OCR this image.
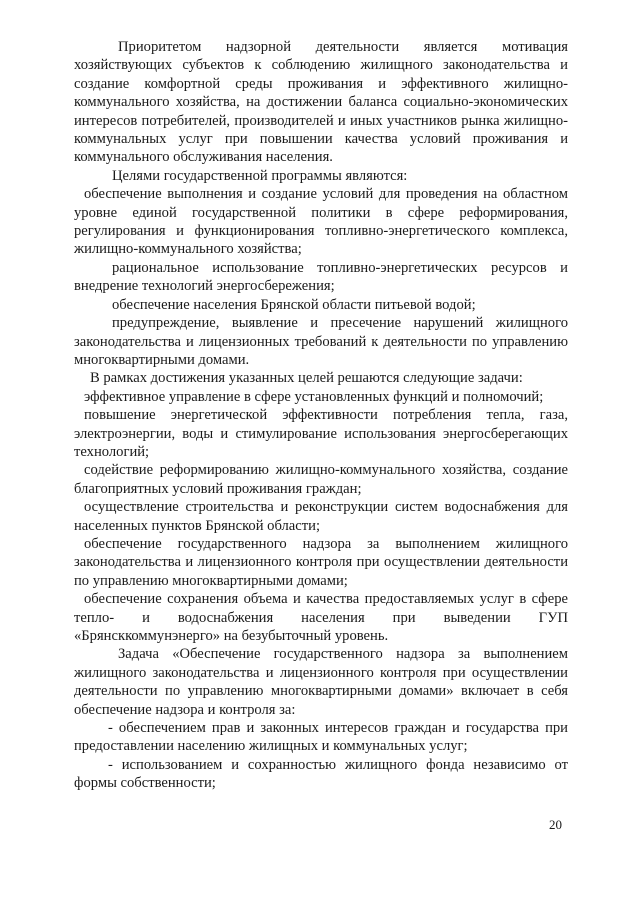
Приоритетом надзорной деятельности является мотивация хозяйствующих субъектов к соблюдению жилищного законодательства и создание комфортной среды проживания и эффективного жилищно-коммунального хозяйства, на достижении баланса социально-экономических интересов потребителей, производителей и иных участников рынка жилищно-коммунальных услуг при повышении качества условий проживания и коммунального обслуживания населения.

Целями государственной программы являются:

обеспечение выполнения и создание условий для проведения на областном уровне единой государственной политики в сфере реформирования, регулирования и функционирования топливно-энергетического комплекса, жилищно-коммунального хозяйства;

рациональное использование топливно-энергетических ресурсов и внедрение технологий энергосбережения;

обеспечение населения Брянской области питьевой водой;

предупреждение, выявление и пресечение нарушений жилищного законодательства и лицензионных требований к деятельности по управлению многоквартирными домами.

В рамках достижения указанных целей решаются следующие задачи:

эффективное управление в сфере установленных функций и полномочий;

повышение энергетической эффективности потребления тепла, газа, электроэнергии, воды и стимулирование использования энергосберегающих технологий;

содействие реформированию жилищно-коммунального хозяйства, создание благоприятных условий проживания граждан;

осуществление строительства и реконструкции систем водоснабжения для населенных пунктов Брянской области;

обеспечение государственного надзора за выполнением жилищного законодательства и лицензионного контроля при осуществлении деятельности по управлению многоквартирными домами;

обеспечение сохранения объема и качества предоставляемых услуг в сфере тепло- и водоснабжения населения при выведении ГУП «Брянсккоммунэнерго» на безубыточный уровень.

Задача «Обеспечение государственного надзора за выполнением жилищного законодательства и лицензионного контроля при осуществлении деятельности по управлению многоквартирными домами» включает в себя обеспечение надзора и контроля за:

- обеспечением прав и законных интересов граждан и государства при предоставлении населению жилищных и коммунальных услуг;

- использованием и сохранностью жилищного фонда независимо от формы собственности;

20
